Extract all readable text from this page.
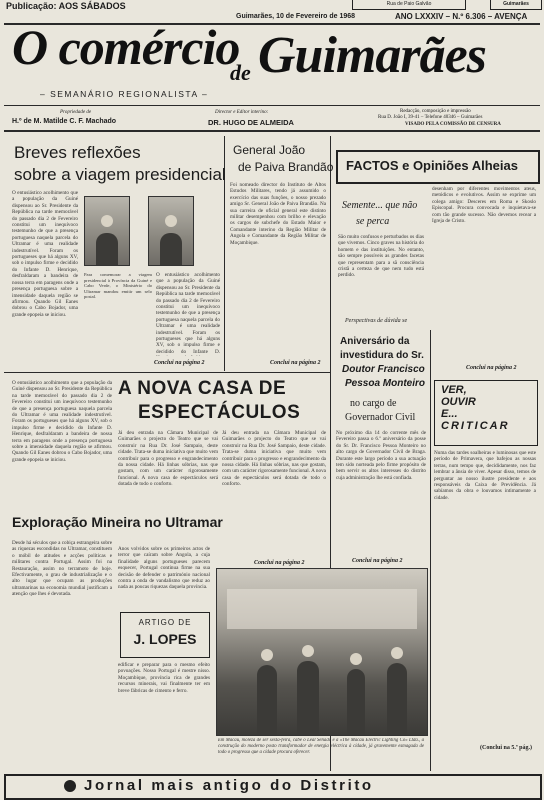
Publicação: AOS SÁBADOS	Rua de Paio Galvão	Guimarães
Guimarães, 10 de Fevereiro de 1968	ANO LXXXIV – N.º 6.306 – AVENÇA
O comércio
de Guimarães
– SEMANÁRIO REGIONALISTA –
Propriedade de
H.º de M. Matilde C. F. Machado
Director e Editor interino:
DR. HUGO DE ALMEIDA
Redacção, composição e impressão
Rua D. João I, 39-41 – Telefone 40346 – Guimarães
VISADO PELA COMISSÃO DE CENSURA
Breves reflexões
sobre a viagem presidencial
O entusiástico acolhimento que a população da Guiné dispensou ao Sr. Presidente da República na tarde memorável do passado dia 2 de Fevereiro constitui um inequívoco testemunho de que a presença portuguesa naquela parcela do Ultramar é uma realidade indestrutível. Foram os portugueses que há alguns XV, sob o impulso firme e decidido do Infante D. Henrique, desfraldaram a bandeira de nossa terra em paragens onde a presença portuguesa sobre a imensidade daquela região se afirmou. Quando Gil Eanes dobrou o Cabo Bojador, uma grande epopeia se iniciou.
Para comemorar a viagem presidencial à Província da Guiné e Cabo Verde, o Ministério do Ultramar mandou emitir um selo postal.
O entusiástico acolhimento que a população da Guiné dispensou ao Sr. Presidente da República na tarde memorável do passado dia 2 de Fevereiro constitui um inequívoco testemunho de que a presença portuguesa naquela parcela do Ultramar é uma realidade indestrutível. Foram os portugueses que há alguns XV, sob o impulso firme e decidido do Infante D.
Conclui na página 2
General João
de Paiva Brandão
Foi nomeado director do Instituto de Altos Estudos Militares, tendo já assumido o exercício das suas funções, o nosso prezado amigo Sr. General João de Paiva Brandão. Na sua carreira de oficial general este distinto militar desempenhou com brilho e elevação os cargos de subchefe do Estado Maior e Comandante interino da Região Militar de Angola e Comandante da Região Militar de Moçambique.
Conclui na página 2
FACTOS e Opiniões Alheias
Semente... que não
se perca
São muito confusos e perturbados os dias que vivemos. Cinco graves na história do homem e das instituições. No entanto, são sempre possíveis as grandes facetas que representam para a sã consciência cristã a certeza de que nem tudo está perdido.
Perspectivas de dúvida se
desenham por diferentes movimentos ateus, metódicos e evolutivos. Assim se exprime um colega amigo: Desceres em Roma e Skoslo Episcopal. Procura convocada e inquietava-se com tão grande sucesso. Não devemos recear a Igreja de Cristo.
Conclui na página 2
Aniversário da
investidura do Sr.
Doutor Francisco
Pessoa Monteiro
no cargo de
Governador Civil
No próximo dia 14 do corrente mês de Fevereiro passa o 6.º aniversário da posse do Sr. Dr. Francisco Pessoa Monteiro no alto cargo de Governador Civil de Braga. Durante este largo período a sua actuação tem sido norteada pelo firme propósito de bem servir os altos interesses do distrito cuja administração lhe está confiada.
Conclui na página 2
VER,
OUVIR
E...
CRITICAR
Numa das tardes soalheiras e luminosas que este período de Primavera, que bafejou as nossas terras, num tempo que, decididamente, nos faz lembrar a ânsia de viver. Apesar disso, temos de perguntar ao nosso ilustre presidente e aos responsáveis da Caixa de Previdência. Já sabíamos da obra e louvamos intimamente a cidade.
(Conclui na 5.ª pág.)
A NOVA CASA DE
ESPECTÁCULOS
Já deu entrada na Câmara Municipal de Guimarães o projecto do Teatro que se vai construir na Rua Dr. José Sampaio, deste cidade. Trata-se duma iniciativa que muito vem contribuir para o progresso e engrandecimento da nossa cidade. Há linhas sóbrias, nas que gostam, com um carácter rigorosamente funcional. A nova casa de espectáculos será dotada de todo o conforto.
Já deu entrada na Câmara Municipal de Guimarães o projecto do Teatro que se vai construir na Rua Dr. José Sampaio, deste cidade. Trata-se duma iniciativa que muito vem contribuir para o progresso e engrandecimento da nossa cidade. Há linhas sóbrias, nas que gostam, com um carácter rigorosamente funcional. A nova casa de espectáculos será dotada de todo o conforto.
Conclui na página 2
O entusiástico acolhimento que a população da Guiné dispensou ao Sr. Presidente da República na tarde memorável do passado dia 2 de Fevereiro constitui um inequívoco testemunho de que a presença portuguesa naquela parcela do Ultramar é uma realidade indestrutível. Foram os portugueses que há alguns XV, sob o impulso firme e decidido do Infante D. Henrique, desfraldaram a bandeira de nossa terra em paragens onde a presença portuguesa sobre a imensidade daquela região se afirmou. Quando Gil Eanes dobrou o Cabo Bojador, uma grande epopeia se iniciou.
Exploração Mineira no Ultramar
Desde há séculos que a cobiça estrangeira sobre as riquezas escondidas no Ultramar, constituem o móbil de atitudes e acções políticas e militares contra Portugal. Assim foi na Restauração, assim no terramoto de hoje. Efectivamente, o grau de industrialização e o alto lugar que ocupam as produções ultramarinas na economia mundial justificam a atenção que lhes é devotada.
Anos volvidos sobre os primeiros actos de terror que caíram sobre Angola, a cuja finalidade alguns portugueses parecem esquecer, Portugal continua firme na sua decisão de defender o património nacional contra a onda de vandalismo que reduz ao nada as poucas riquezas daquela província.
ARTIGO DE
J. LOPES
edificar e preparar para o mesmo efeito povoações. Nosso Portugal é mestre nisso. Moçambique, província rica de grandes recursos minerais, vai finalmente ter em breve fábricas de cimento e ferro.
Em Macau, moleza de ser sexta-feira, cabe o Leal Senado e à «The Macau Electric Lighting Co» Ltda., a construção do moderno posto transformador de energia eléctrica à cidade, já gravemente esmagada de todo o progresso que a cidade procura oferecer.
Jornal mais antigo do Distrito
